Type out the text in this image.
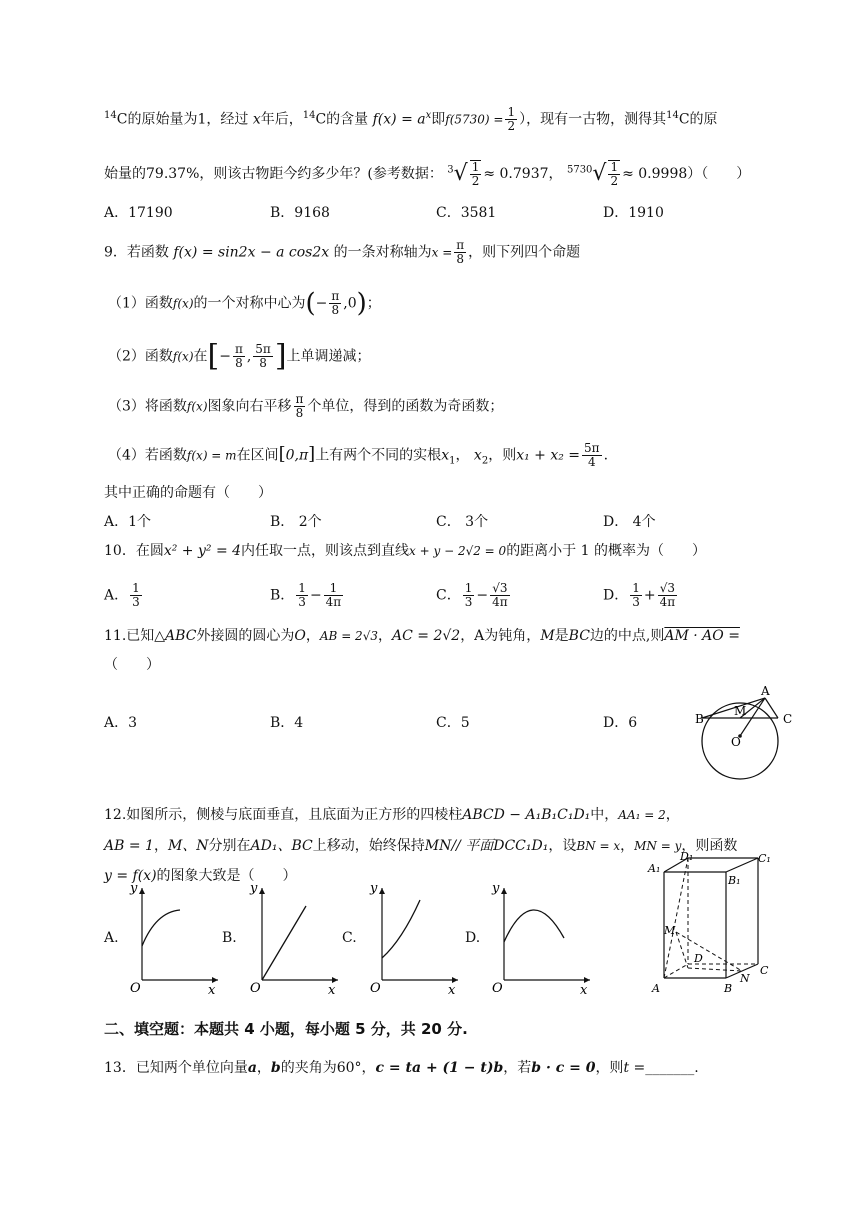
$^{14}$C的原始量为1，经过 x年后，$^{14}$C的含量 $f(x) = a^x$即$f(5730) = \frac{1}{2}$ ），现有一古物，测得其$^{14}$C的原
始量的79.37%，则该古物距今约多少年？(参考数据： $^3√ \frac{1}{2} \approx 0.7937$， $^{5730}√ \frac{1}{2} \approx 0.9998$）（　　）
A．17190	B．9168	C．3581	D．1910
9．若函数 f(x) = sin2x − a cos2x 的一条对称轴为$x = \frac{\pi}{8}$ ，则下列四个命题
（1）函数f(x)的一个对称中心为(− $\frac{\pi}{8} ,0$)；
（2）函数f(x)在[− $\frac{\pi}{8}$ , $\frac{5\pi}{8}$ ]上单调递减；
（3）将函数f(x)图象向右平移 $\frac{\pi}{8}$ 个单位，得到的函数为奇函数；
（4）若函数f(x) = m在区间[0,π]上有两个不同的实根$x_1$， $x_2$，则$x_1 + x_2 = \frac{5\pi}{4}$ .
其中正确的命题有（　　）
A．1个	B． 2个	C． 3个	D． 4个
10．在圆x² + y² = 4内任取一点，则该点到直线x + y − 2√2 = 0的距离小于 1 的概率为（　　）
A． $\frac{1}{3}$	B． $\frac{1}{3} - \frac{1}{4\pi}$	C． $\frac{1}{3} - \frac{√3}{4\pi}$	D． $\frac{1}{3} + \frac{√3}{4\pi}$
11.已知△ABC外接圆的圆心为O，AB = 2√3，AC = 2√2，A为钝角，M是BC边的中点,则AM · AO =
（　　）
A．3	B．4	C．5	D．6
A
B
M
C
O
12.如图所示，侧棱与底面垂直，且底面为正方形的四棱柱ABCD − A₁B₁C₁D₁中，AA₁ = 2，
AB = 1，M、N分别在AD₁、BC上移动，始终保持MN// 平面DCC₁D₁，设BN = x，MN = y，则函数
y = f(x)的图象大致是（　　）
A.
y
O	x
B.
y
O	x
C.
y
O	x
D.
y
O	x
A₁
D₁	C₁
B₁
M
D
C
A	B
N
二、填空题：本题共 4 小题，每小题 5 分，共 20 分.
13．已知两个单位向量a，b的夹角为60°，c = ta + (1 − t)b，若b · c = 0，则t =_______.
